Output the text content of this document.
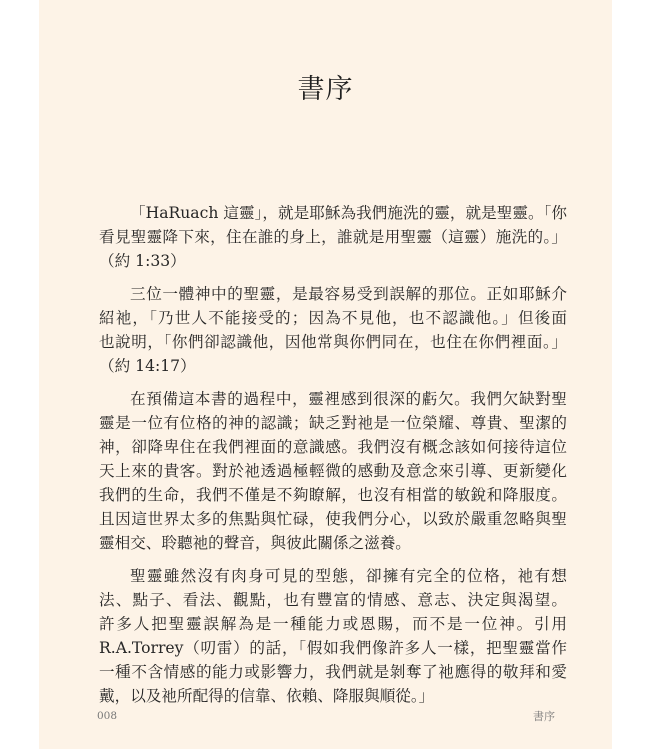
書序
「HaRuach 這靈」，就是耶穌為我們施洗的靈，就是聖靈。「你
看見聖靈降下來，住在誰的身上，誰就是用聖靈（這靈）施洗的。」
（約 1:33）
三位一體神中的聖靈，是最容易受到誤解的那位。正如耶穌介
紹祂，「乃世人不能接受的；因為不見他，也不認識他。」但後面
也說明，「你們卻認識他，因他常與你們同在，也住在你們裡面。」
（約 14:17）
在預備這本書的過程中，靈裡感到很深的虧欠。我們欠缺對聖
靈是一位有位格的神的認識；缺乏對祂是一位榮耀、尊貴、聖潔的
神，卻降卑住在我們裡面的意識感。我們沒有概念該如何接待這位
天上來的貴客。對於祂透過極輕微的感動及意念來引導、更新變化
我們的生命，我們不僅是不夠瞭解，也沒有相當的敏銳和降服度。
且因這世界太多的焦點與忙碌，使我們分心，以致於嚴重忽略與聖
靈相交、聆聽祂的聲音，與彼此關係之滋養。
聖靈雖然沒有肉身可見的型態，卻擁有完全的位格，祂有想
法、點子、看法、觀點，也有豐富的情感、意志、決定與渴望。
許多人把聖靈誤解為是一種能力或恩賜，而不是一位神。引用
R.A.Torrey（叨雷）的話，「假如我們像許多人一樣，把聖靈當作
一種不含情感的能力或影響力，我們就是剝奪了祂應得的敬拜和愛
戴，以及祂所配得的信靠、依賴、降服與順從。」
008	書序
